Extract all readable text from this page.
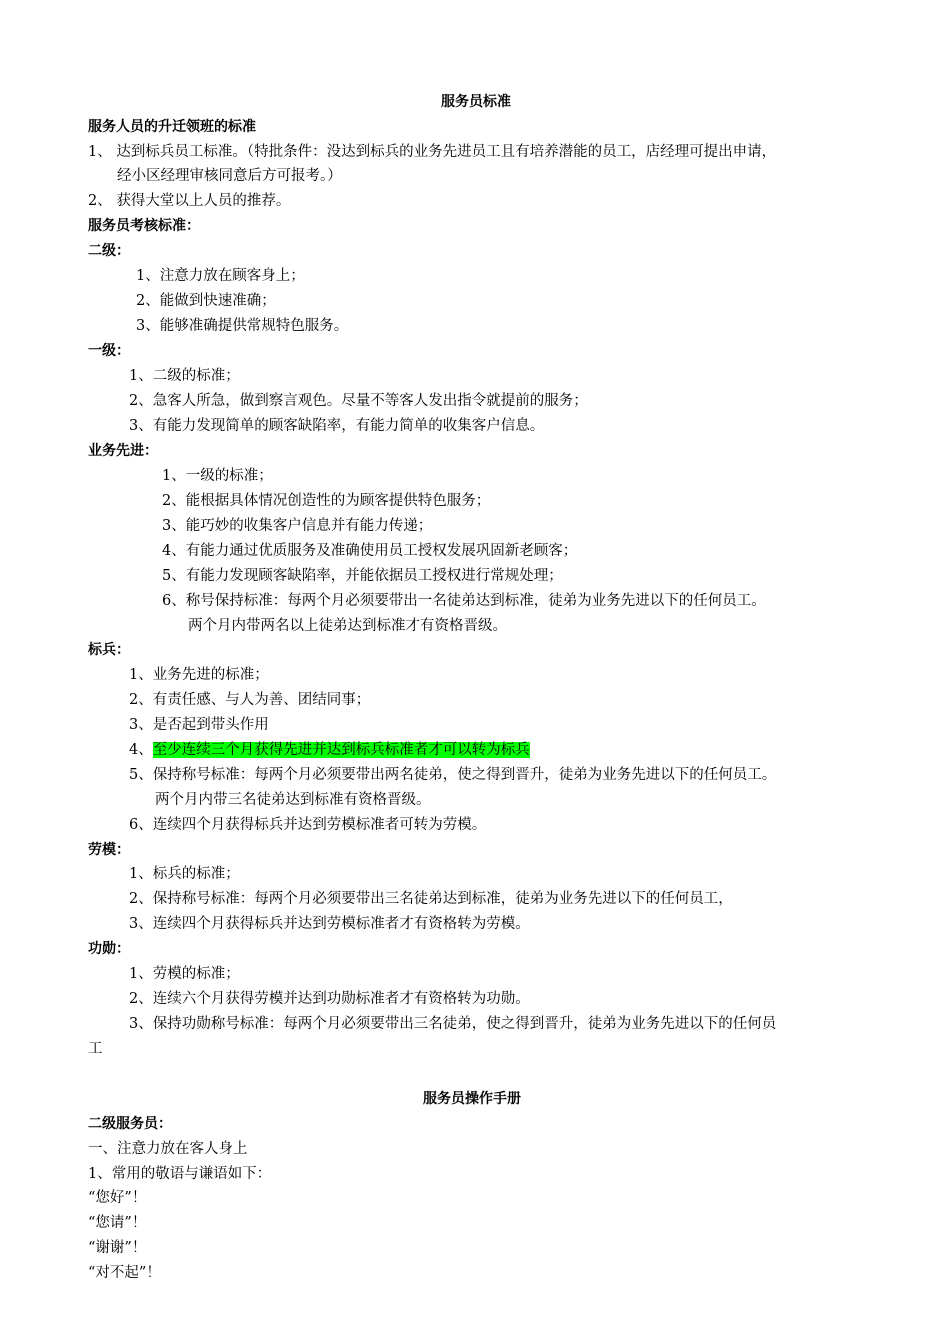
服务员标准
服务人员的升迁领班的标准
1、 达到标兵员工标准。（特批条件：没达到标兵的业务先进员工且有培养潜能的员工，店经理可提出申请，
经小区经理审核同意后方可报考。）
2、 获得大堂以上人员的推荐。
服务员考核标准：
二级：
1、注意力放在顾客身上；
2、能做到快速准确；
3、能够准确提供常规特色服务。
一级：
1、二级的标准；
2、急客人所急，做到察言观色。尽量不等客人发出指令就提前的服务；
3、有能力发现简单的顾客缺陷率，有能力简单的收集客户信息。
业务先进：
1、一级的标准；
2、能根据具体情况创造性的为顾客提供特色服务；
3、能巧妙的收集客户信息并有能力传递；
4、有能力通过优质服务及准确使用员工授权发展巩固新老顾客；
5、有能力发现顾客缺陷率，并能依据员工授权进行常规处理；
6、称号保持标准：每两个月必须要带出一名徒弟达到标准，徒弟为业务先进以下的任何员工。
两个月内带两名以上徒弟达到标准才有资格晋级。
标兵：
1、业务先进的标准；
2、有责任感、与人为善、团结同事；
3、是否起到带头作用
4、至少连续三个月获得先进并达到标兵标准者才可以转为标兵
5、保持称号标准：每两个月必须要带出两名徒弟，使之得到晋升，徒弟为业务先进以下的任何员工。
两个月内带三名徒弟达到标准有资格晋级。
6、连续四个月获得标兵并达到劳模标准者可转为劳模。
劳模：
1、标兵的标准；
2、保持称号标准：每两个月必须要带出三名徒弟达到标准，徒弟为业务先进以下的任何员工，
3、连续四个月获得标兵并达到劳模标准者才有资格转为劳模。
功勋：
1、劳模的标准；
2、连续六个月获得劳模并达到功勋标准者才有资格转为功勋。
3、保持功勋称号标准：每两个月必须要带出三名徒弟，使之得到晋升，徒弟为业务先进以下的任何员
工
服务员操作手册
二级服务员：
一、注意力放在客人身上
1、常用的敬语与谦语如下：
“您好”！
“您请”！
“谢谢”！
“对不起”！
